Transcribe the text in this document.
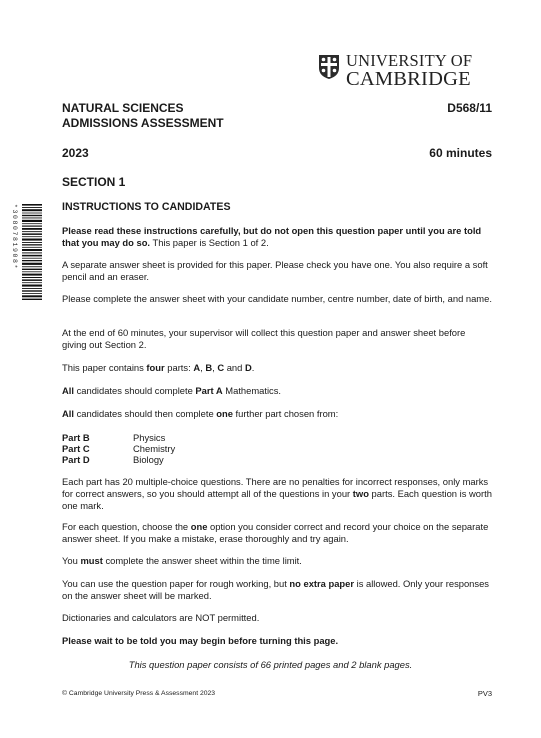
UNIVERSITY OF
CAMBRIDGE
NATURAL SCIENCES
ADMISSIONS ASSESSMENT
D568/11
2023	60 minutes
SECTION 1
*3080781908*	INSTRUCTIONS TO CANDIDATES
Please read these instructions carefully, but do not open this question paper until you are told that you may do so. This paper is Section 1 of 2.
A separate answer sheet is provided for this paper. Please check you have one. You also require a soft pencil and an eraser.
Please complete the answer sheet with your candidate number, centre number, date of birth, and name.
At the end of 60 minutes, your supervisor will collect this question paper and answer sheet before giving out Section 2.
This paper contains four parts: A, B, C and D.
All candidates should complete Part A Mathematics.
All candidates should then complete one further part chosen from:
Part B	Physics
Part C	Chemistry
Part D	Biology
Each part has 20 multiple-choice questions. There are no penalties for incorrect responses, only marks for correct answers, so you should attempt all of the questions in your two parts. Each question is worth one mark.
For each question, choose the one option you consider correct and record your choice on the separate answer sheet. If you make a mistake, erase thoroughly and try again.
You must complete the answer sheet within the time limit.
You can use the question paper for rough working, but no extra paper is allowed. Only your responses on the answer sheet will be marked.
Dictionaries and calculators are NOT permitted.
Please wait to be told you may begin before turning this page.
This question paper consists of 66 printed pages and 2 blank pages.
© Cambridge University Press & Assessment 2023	PV3
